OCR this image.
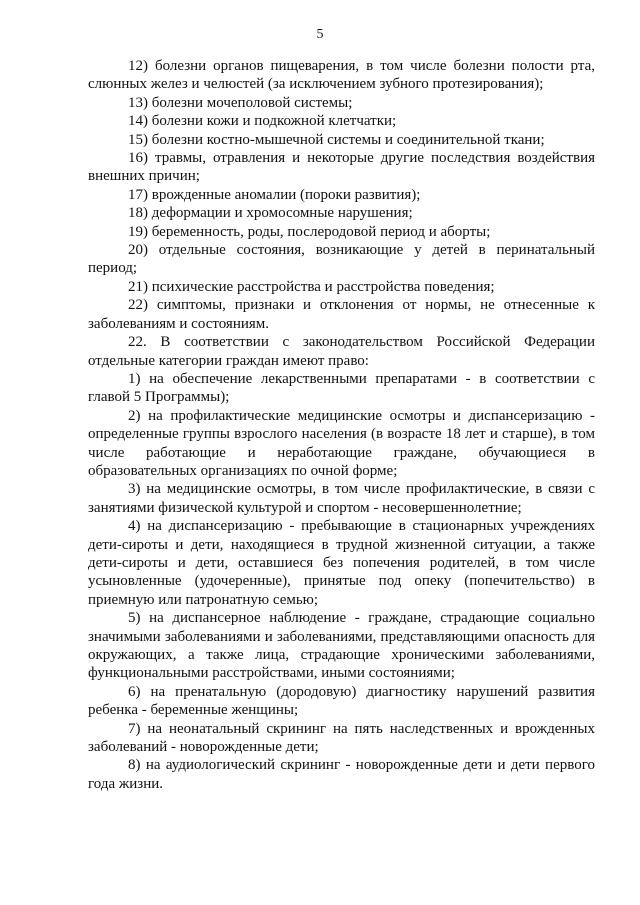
5

12) болезни органов пищеварения, в том числе болезни полости рта, слюнных желез и челюстей (за исключением зубного протезирования);

13) болезни мочеполовой системы;

14) болезни кожи и подкожной клетчатки;

15) болезни костно-мышечной системы и соединительной ткани;

16) травмы, отравления и некоторые другие последствия воздействия внешних причин;

17) врожденные аномалии (пороки развития);

18) деформации и хромосомные нарушения;

19) беременность, роды, послеродовой период и аборты;

20) отдельные состояния, возникающие у детей в перинатальный период;

21) психические расстройства и расстройства поведения;

22) симптомы, признаки и отклонения от нормы, не отнесенные к заболеваниям и состояниям.

22. В соответствии с законодательством Российской Федерации отдельные категории граждан имеют право:

1) на обеспечение лекарственными препаратами - в соответствии с главой 5 Программы);

2) на профилактические медицинские осмотры и диспансеризацию - определенные группы взрослого населения (в возрасте 18 лет и старше), в том числе работающие и неработающие граждане, обучающиеся в образовательных организациях по очной форме;

3) на медицинские осмотры, в том числе профилактические, в связи с занятиями физической культурой и спортом - несовершеннолетние;

4) на диспансеризацию - пребывающие в стационарных учреждениях дети-сироты и дети, находящиеся в трудной жизненной ситуации, а также дети-сироты и дети, оставшиеся без попечения родителей, в том числе усыновленные (удочеренные), принятые под опеку (попечительство) в приемную или патронатную семью;

5) на диспансерное наблюдение - граждане, страдающие социально значимыми заболеваниями и заболеваниями, представляющими опасность для окружающих, а также лица, страдающие хроническими заболеваниями, функциональными расстройствами, иными состояниями;

6) на пренатальную (дородовую) диагностику нарушений развития ребенка - беременные женщины;

7) на неонатальный скрининг на пять наследственных и врожденных заболеваний - новорожденные дети;

8) на аудиологический скрининг - новорожденные дети и дети первого года жизни.
